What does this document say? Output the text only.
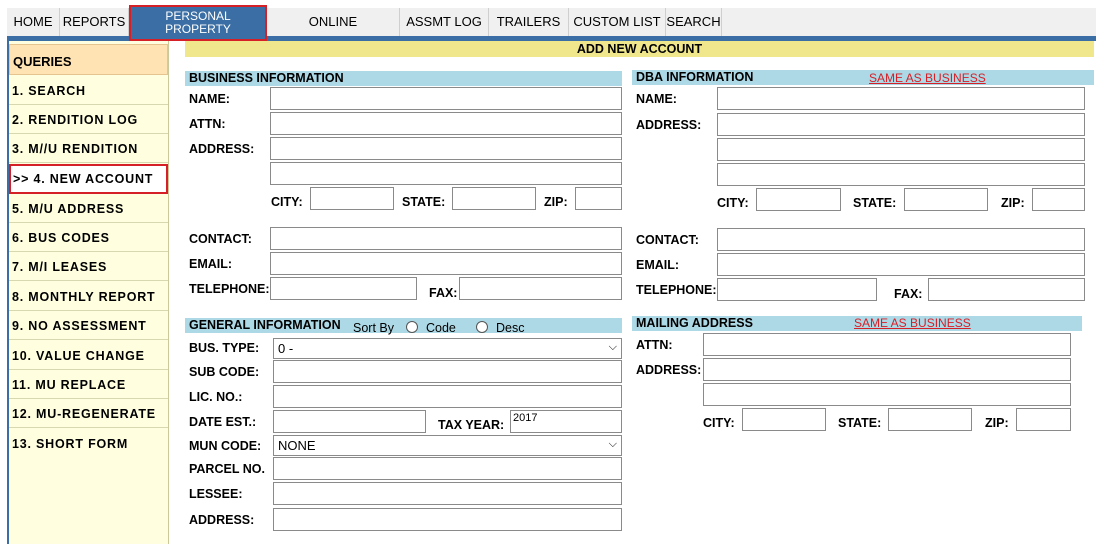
HOME REPORTS	ONLINE	ASSMT LOG	TRAILERS	CUSTOM LIST SEARCH
PERSONAL
PROPERTY
QUERIES
1. SEARCH
2. RENDITION LOG
3. M//U RENDITION
>> 4. NEW ACCOUNT
5. M/U ADDRESS
6. BUS CODES
7. M/I LEASES
8. MONTHLY REPORT
9. NO ASSESSMENT
10. VALUE CHANGE
11. MU REPLACE
12. MU-REGENERATE
13. SHORT FORM
ADD NEW ACCOUNT
BUSINESS INFORMATION
NAME:
ATTN:
ADDRESS:
CITY:	STATE:	ZIP:
CONTACT:
EMAIL:
TELEPHONE:	FAX:
DBA INFORMATION	SAME AS BUSINESS
NAME:
ADDRESS:
CITY:	STATE:	ZIP:
CONTACT:
EMAIL:
TELEPHONE:	FAX:
GENERAL INFORMATION Sort By	Code	Desc
BUS. TYPE:	0 -	⌵
SUB CODE:
LIC. NO.:
DATE EST.:	TAX YEAR: 2017
MUN CODE:	NONE	⌵
PARCEL NO.
LESSEE:
ADDRESS:
MAILING ADDRESS	SAME AS BUSINESS
ATTN:
ADDRESS:
CITY:	STATE:	ZIP:
